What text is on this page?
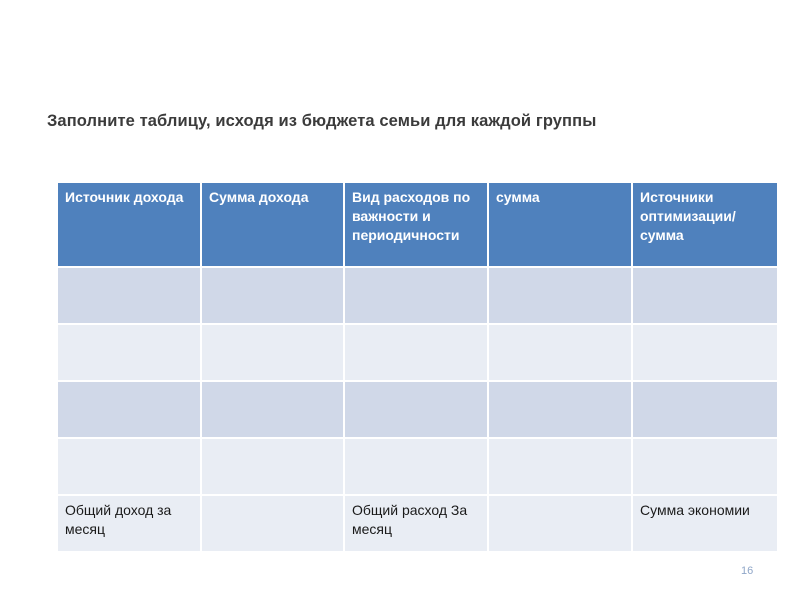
Заполните таблицу, исходя из бюджета семьи для каждой группы
Источник дохода	Сумма дохода	Вид расходов по важности и периодичности	сумма	Источники оптимизации/ сумма

Общий доход за месяц		Общий расход За месяц		Сумма экономии
16
